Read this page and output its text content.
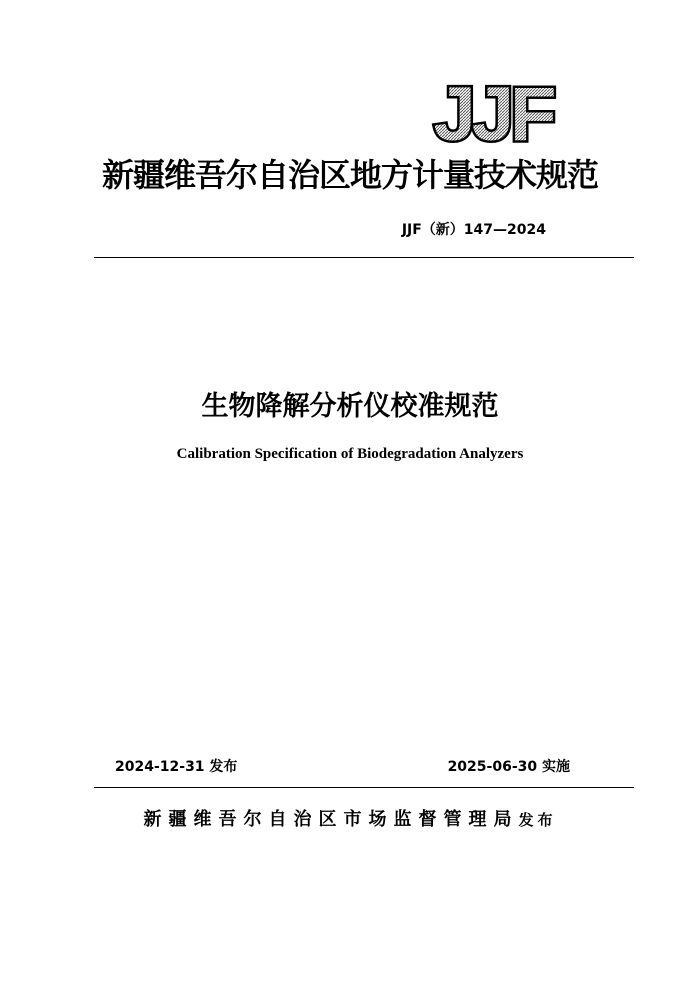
JJF
新疆维吾尔自治区地方计量技术规范
JJF（新）147—2024
生物降解分析仪校准规范
Calibration Specification of Biodegradation Analyzers
2024-12-31 发布	2025-06-30 实施
新疆维吾尔自治区市场监督管理局发布
